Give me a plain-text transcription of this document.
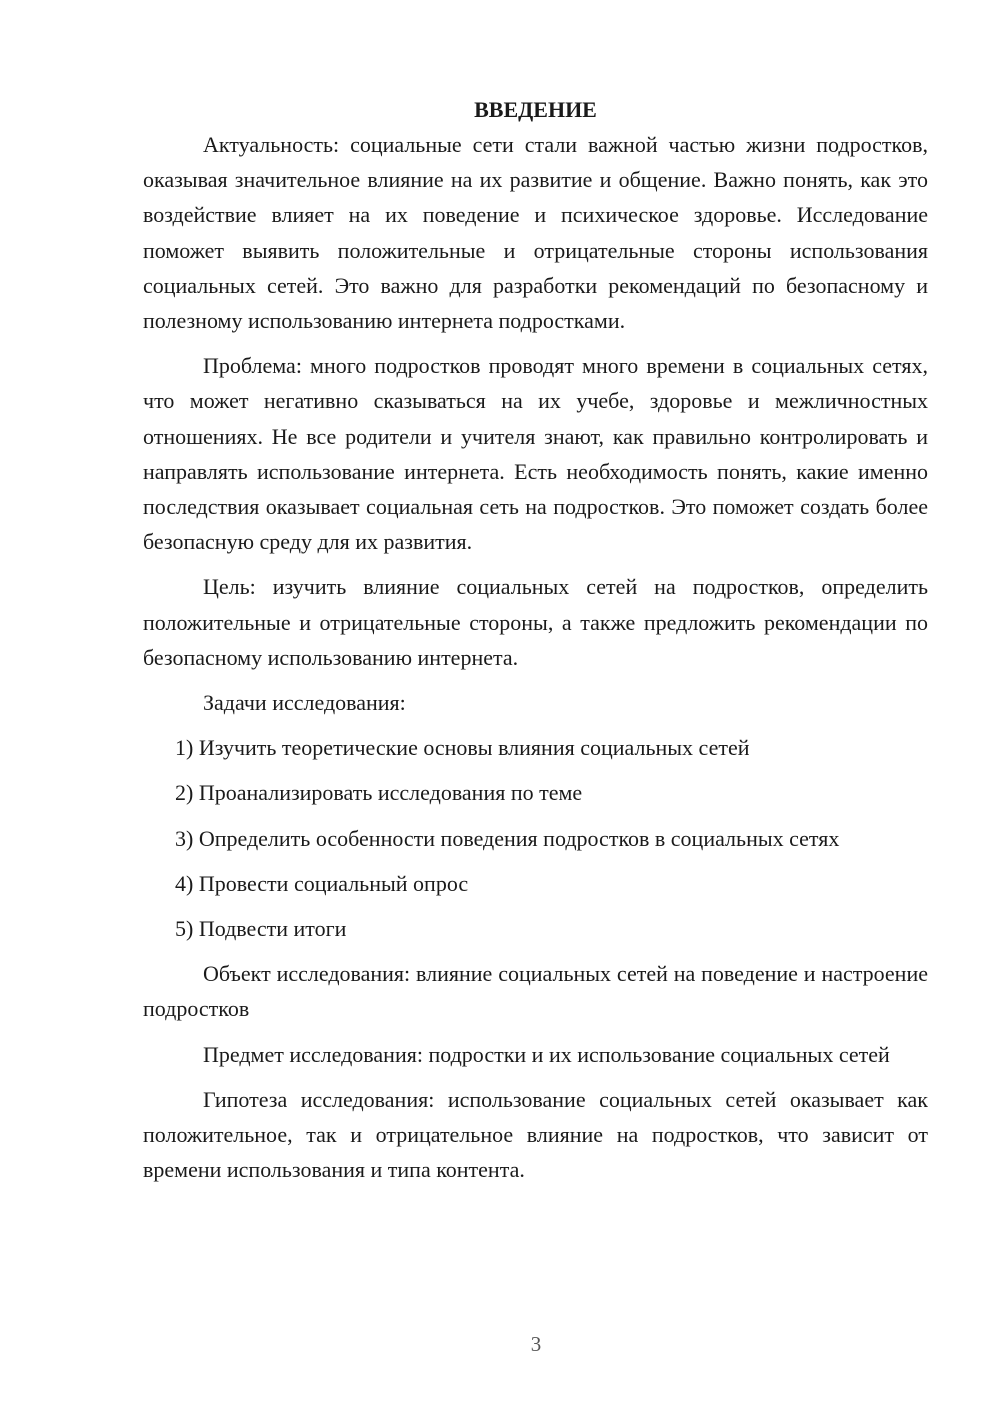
ВВЕДЕНИЕ

Актуальность: социальные сети стали важной частью жизни подростков, оказывая значительное влияние на их развитие и общение. Важно понять, как это воздействие влияет на их поведение и психическое здоровье. Исследование поможет выявить положительные и отрицательные стороны использования социальных сетей. Это важно для разработки рекомендаций по безопасному и полезному использованию интернета подростками.

Проблема: много подростков проводят много времени в социальных сетях, что может негативно сказываться на их учебе, здоровье и межличностных отношениях. Не все родители и учителя знают, как правильно контролировать и направлять использование интернета. Есть необходимость понять, какие именно последствия оказывает социальная сеть на подростков. Это поможет создать более безопасную среду для их развития.

Цель: изучить влияние социальных сетей на подростков, определить положительные и отрицательные стороны, а также предложить рекомендации по безопасному использованию интернета.

Задачи исследования:

1) Изучить теоретические основы влияния социальных сетей

2) Проанализировать исследования по теме

3) Определить особенности поведения подростков в социальных сетях

4) Провести социальный опрос

5) Подвести итоги

Объект исследования: влияние социальных сетей на поведение и настроение подростков

Предмет исследования: подростки и их использование социальных сетей

Гипотеза исследования: использование социальных сетей оказывает как положительное, так и отрицательное влияние на подростков, что зависит от времени использования и типа контента.

3
